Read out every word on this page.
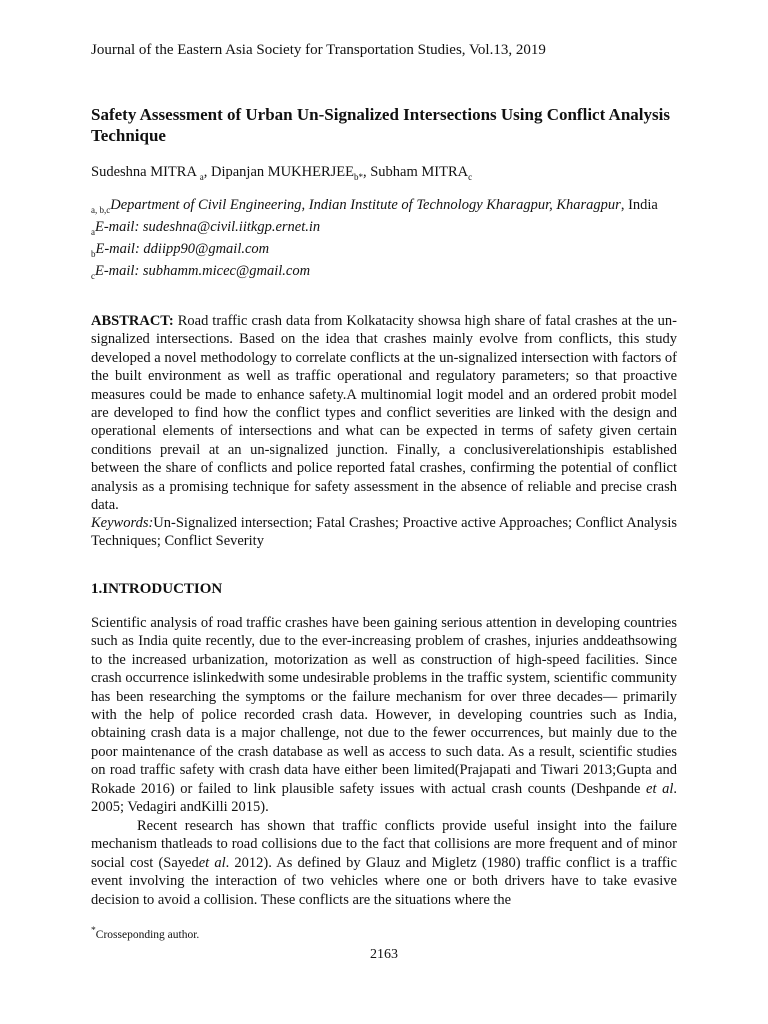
Journal of the Eastern Asia Society for Transportation Studies, Vol.13, 2019
Safety Assessment of Urban Un-Signalized Intersections Using Conflict Analysis Technique
Sudeshna MITRA $_a$, Dipanjan $MUKHERJEE_{b*}$, Subham $MITRA_c$
$_{a, b,c}$Department of Civil Engineering, Indian Institute of Technology Kharagpur, Kharagpur, India
$_a$E-mail: sudeshna@civil.iitkgp.ernet.in
$_b$E-mail: ddiipp90@gmail.com
$_c$E-mail: subhamm.micec@gmail.com
ABSTRACT: Road traffic crash data from Kolkatacity showsa high share of fatal crashes at the un-signalized intersections. Based on the idea that crashes mainly evolve from conflicts, this study developed a novel methodology to correlate conflicts at the un-signalized intersection with factors of the built environment as well as traffic operational and regulatory parameters; so that proactive measures could be made to enhance safety.A multinomial logit model and an ordered probit model are developed to find how the conflict types and conflict severities are linked with the design and operational elements of intersections and what can be expected in terms of safety given certain conditions prevail at an un-signalized junction. Finally, a conclusiverelationshipis established between the share of conflicts and police reported fatal crashes, confirming the potential of conflict analysis as a promising technique for safety assessment in the absence of reliable and precise crash data.
Keywords:Un-Signalized intersection; Fatal Crashes; Proactive active Approaches; Conflict Analysis Techniques; Conflict Severity
1.INTRODUCTION
Scientific analysis of road traffic crashes have been gaining serious attention in developing countries such as India quite recently, due to the ever-increasing problem of crashes, injuries anddeathsowing to the increased urbanization, motorization as well as construction of high-speed facilities. Since crash occurrence islinkedwith some undesirable problems in the traffic system, scientific community has been researching the symptoms or the failure mechanism for over three decades— primarily with the help of police recorded crash data. However, in developing countries such as India, obtaining crash data is a major challenge, not due to the fewer occurrences, but mainly due to the poor maintenance of the crash database as well as access to such data. As a result, scientific studies on road traffic safety with crash data have either been limited(Prajapati and Tiwari 2013;Gupta and Rokade 2016) or failed to link plausible safety issues with actual crash counts (Deshpande et al. 2005; Vedagiri andKilli 2015).
Recent research has shown that traffic conflicts provide useful insight into the failure mechanism thatleads to road collisions due to the fact that collisions are more frequent and of minor social cost (Sayedet al. 2012). As defined by Glauz and Migletz (1980) traffic conflict is a traffic event involving the interaction of two vehicles where one or both drivers have to take evasive decision to avoid a collision. These conflicts are the situations where the
*Crosseponding author.
2163
